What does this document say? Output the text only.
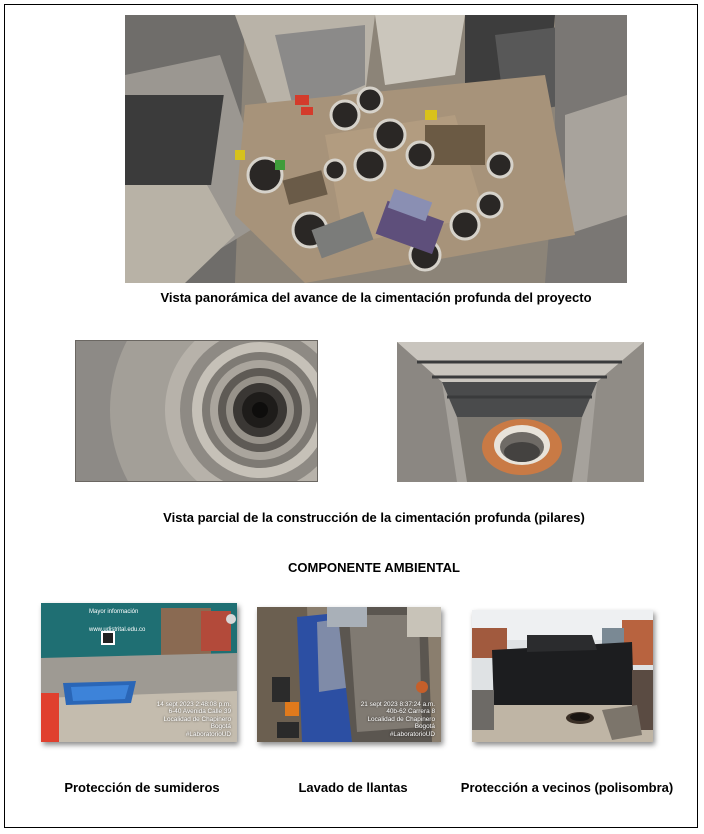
Vista panorámica del avance de la cimentación profunda del proyecto
Vista parcial de la construcción de la cimentación profunda (pilares)
COMPONENTE AMBIENTAL
Mayor información
www.udistrital.edu.co
14 sept 2023 2:48:08 p.m.
6-40 Avenida Calle 39
Localidad de Chapinero
Bogotá
#LaboratorioUD
21 sept 2023 8:37:24 a.m.
40b-62 Carrera 8
Localidad de Chapinero
Bogotá
#LaboratorioUD
Protección de sumideros	Lavado de llantas	Protección a vecinos (polisombra)
